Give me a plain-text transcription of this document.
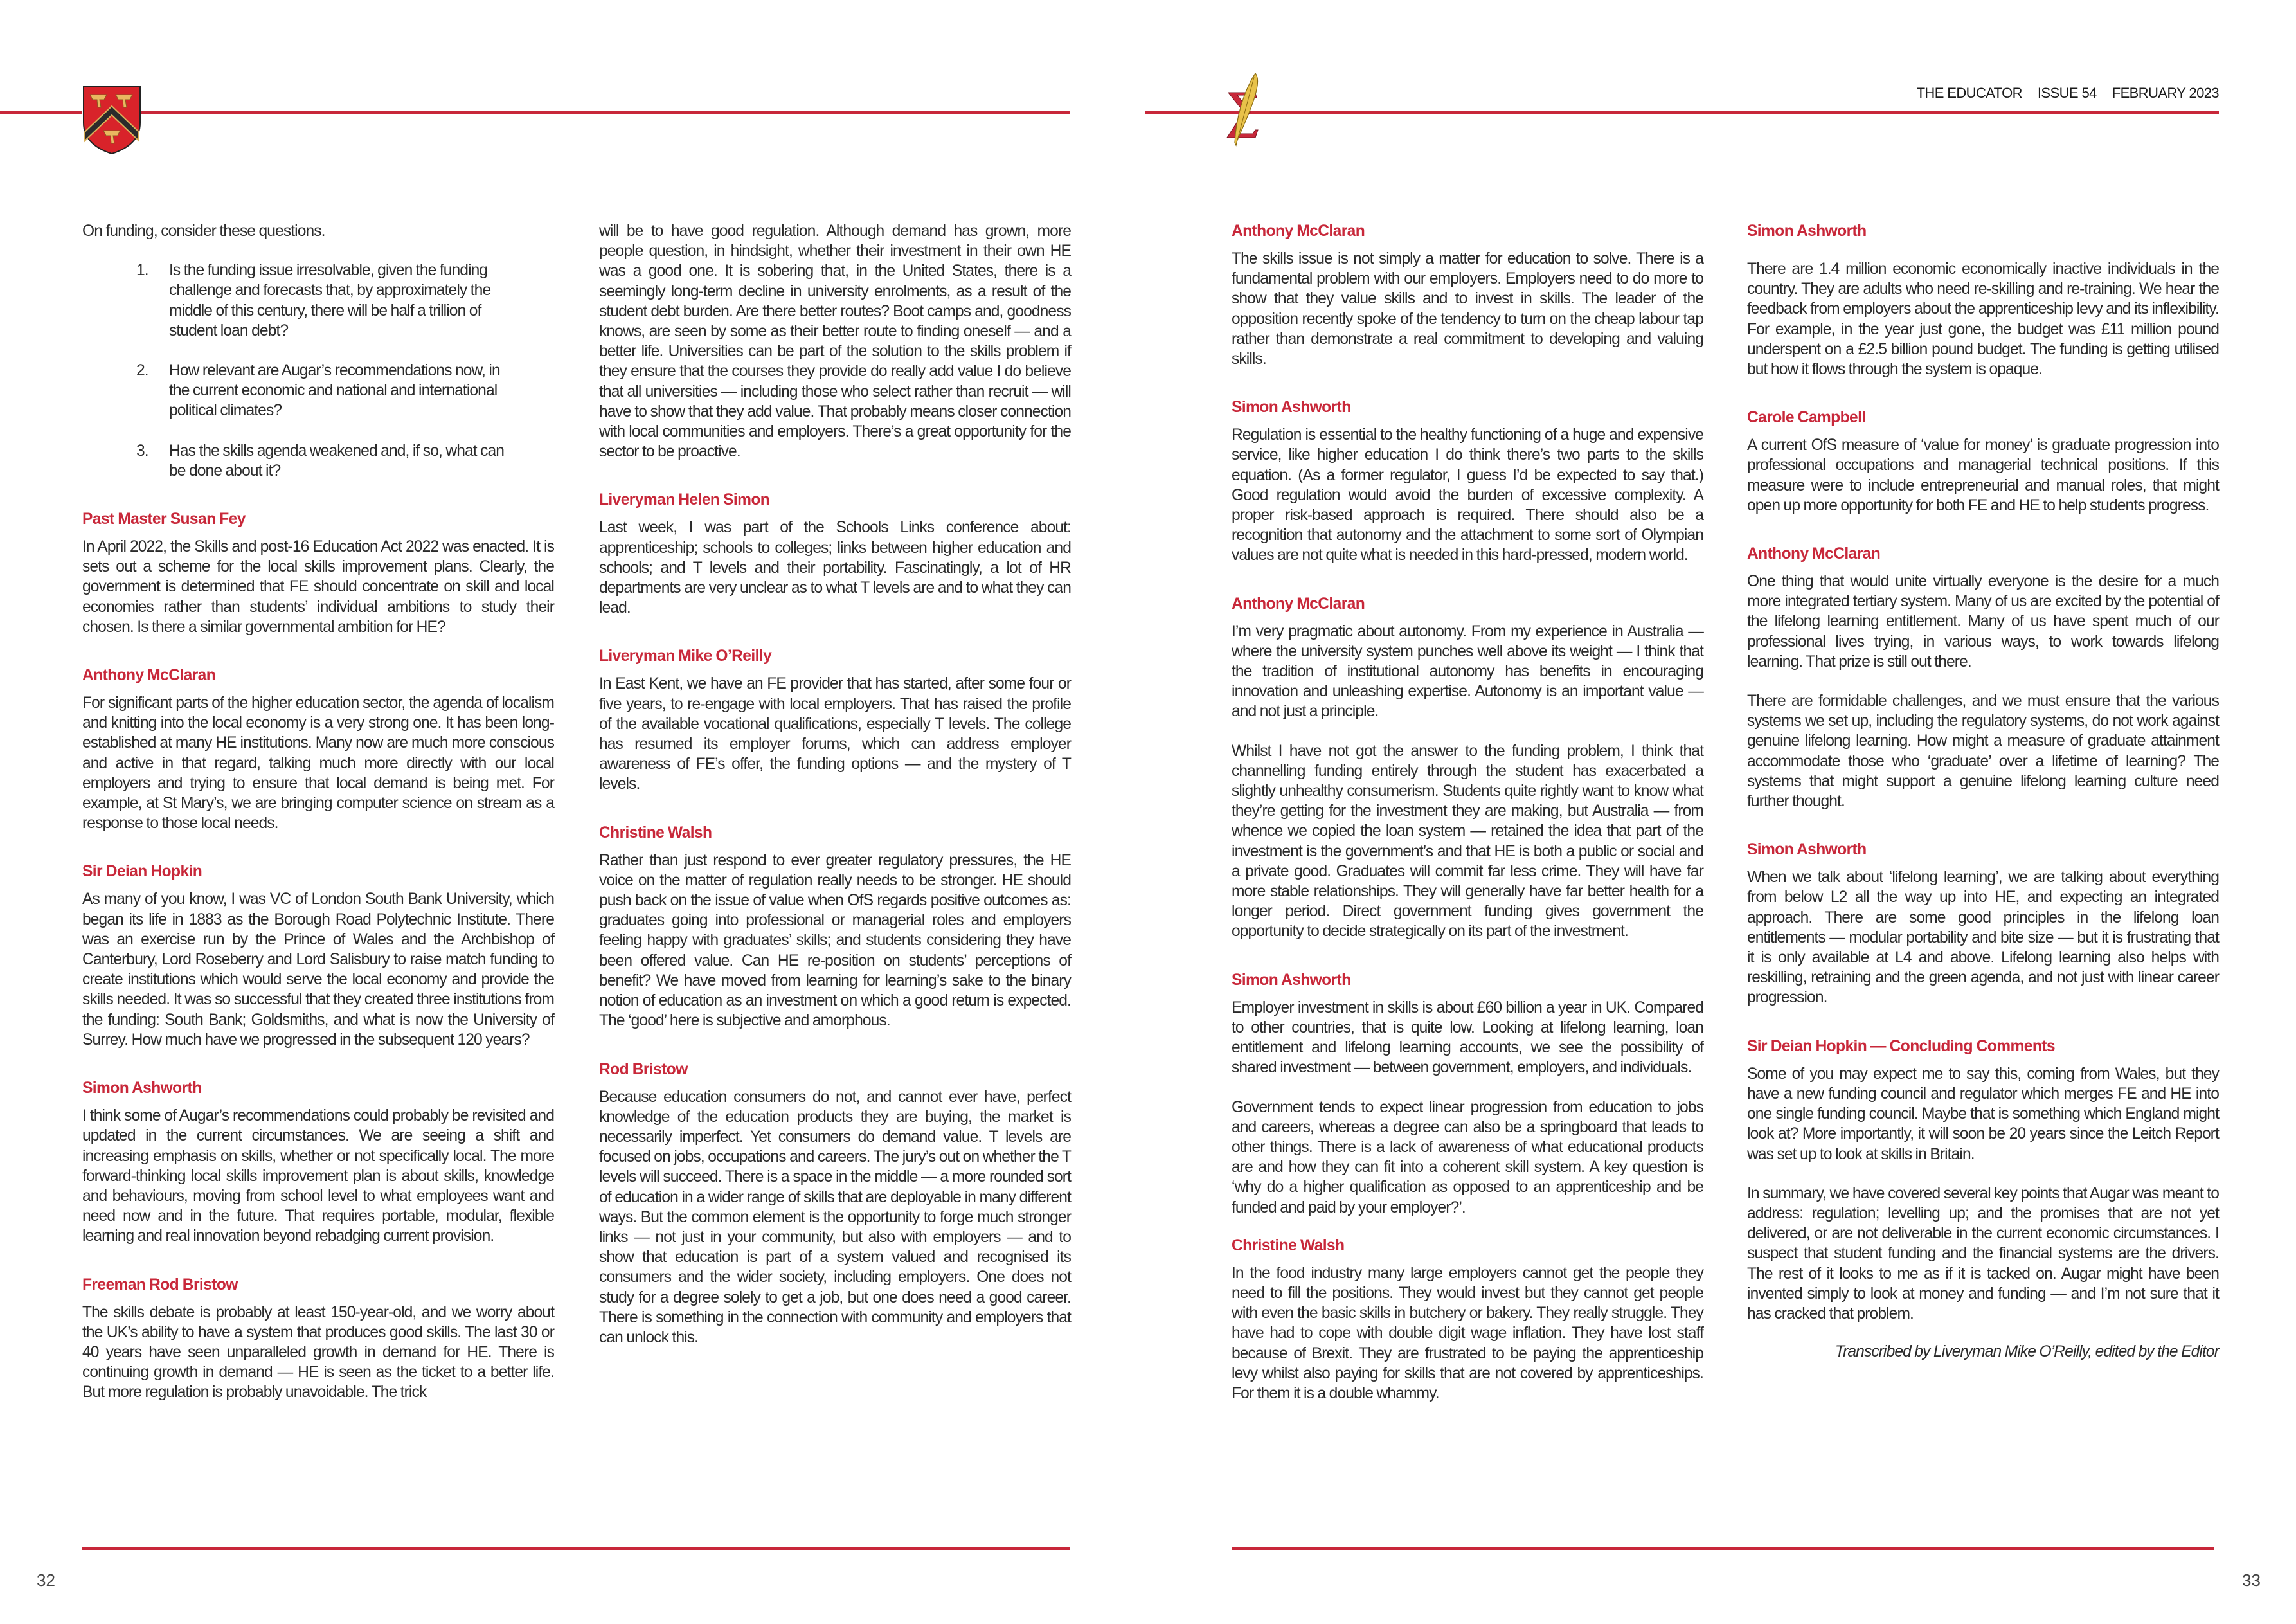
THE EDUCATOR ISSUE 54 FEBRUARY 2023

On funding, consider these questions.

1.	Is the funding issue irresolvable, given the funding challenge and forecasts that, by approximately the middle of this century, there will be half a trillion of student loan debt?
2.	How relevant are Augar’s recommendations now, in the current economic and national and international political climates?
3.	Has the skills agenda weakened and, if so, what can be done about it?
Past Master Susan Fey

In April 2022, the Skills and post-16 Education Act 2022 was enacted. It is sets out a scheme for the local skills improvement plans. Clearly, the government is determined that FE should concentrate on skill and local economies rather than students’ individual ambitions to study their chosen. Is there a similar governmental ambition for HE?

Anthony McClaran

For significant parts of the higher education sector, the agenda of localism and knitting into the local economy is a very strong one. It has been long-established at many HE institutions. Many now are much more conscious and active in that regard, talking much more directly with our local employers and trying to ensure that local demand is being met. For example, at St Mary’s, we are bringing computer science on stream as a response to those local needs.

Sir Deian Hopkin

As many of you know, I was VC of London South Bank University, which began its life in 1883 as the Borough Road Polytechnic Institute. There was an exercise run by the Prince of Wales and the Archbishop of Canterbury, Lord Roseberry and Lord Salisbury to raise match funding to create institutions which would serve the local economy and provide the skills needed. It was so successful that they created three institutions from the funding: South Bank; Goldsmiths, and what is now the University of Surrey. How much have we progressed in the subsequent 120 years?

Simon Ashworth

I think some of Augar’s recommendations could probably be revisited and updated in the current circumstances. We are seeing a shift and increasing emphasis on skills, whether or not specifically local. The more forward-thinking local skills improvement plan is about skills, knowledge and behaviours, moving from school level to what employees want and need now and in the future. That requires portable, modular, flexible learning and real innovation beyond rebadging current provision.

Freeman Rod Bristow

The skills debate is probably at least 150-year-old, and we worry about the UK’s ability to have a system that produces good skills. The last 30 or 40 years have seen unparalleled growth in demand for HE. There is continuing growth in demand — HE is seen as the ticket to a better life. But more regulation is probably unavoidable. The trick

will be to have good regulation. Although demand has grown, more people question, in hindsight, whether their investment in their own HE was a good one. It is sobering that, in the United States, there is a seemingly long-term decline in university enrolments, as a result of the student debt burden. Are there better routes? Boot camps and, goodness knows, are seen by some as their better route to finding oneself — and a better life. Universities can be part of the solution to the skills problem if they ensure that the courses they provide do really add value I do believe that all universities — including those who select rather than recruit — will have to show that they add value. That probably means closer connection with local communities and employers. There’s a great opportunity for the sector to be proactive.

Liveryman Helen Simon

Last week, I was part of the Schools Links conference about: apprenticeship; schools to colleges; links between higher education and schools; and T levels and their portability. Fascinatingly, a lot of HR departments are very unclear as to what T levels are and to what they can lead.

Liveryman Mike O’Reilly

In East Kent, we have an FE provider that has started, after some four or five years, to re-engage with local employers. That has raised the profile of the available vocational qualifications, especially T levels. The college has resumed its employer forums, which can address employer awareness of FE’s offer, the funding options — and the mystery of T levels.

Christine Walsh

Rather than just respond to ever greater regulatory pressures, the HE voice on the matter of regulation really needs to be stronger. HE should push back on the issue of value when OfS regards positive outcomes as: graduates going into professional or managerial roles and employers feeling happy with graduates’ skills; and students considering they have been offered value. Can HE re-position on students’ perceptions of benefit? We have moved from learning for learning’s sake to the binary notion of education as an investment on which a good return is expected. The ‘good’ here is subjective and amorphous.

Rod Bristow

Because education consumers do not, and cannot ever have, perfect knowledge of the education products they are buying, the market is necessarily imperfect. Yet consumers do demand value. T levels are focused on jobs, occupations and careers. The jury’s out on whether the T levels will succeed. There is a space in the middle — a more rounded sort of education in a wider range of skills that are deployable in many different ways. But the common element is the opportunity to forge much stronger links — not just in your community, but also with employers — and to show that education is part of a system valued and recognised its consumers and the wider society, including employers. One does not study for a degree solely to get a job, but one does need a good career. There is something in the connection with community and employers that can unlock this.

Anthony McClaran

The skills issue is not simply a matter for education to solve. There is a fundamental problem with our employers. Employers need to do more to show that they value skills and to invest in skills. The leader of the opposition recently spoke of the tendency to turn on the cheap labour tap rather than demonstrate a real commitment to developing and valuing skills.

Simon Ashworth

Regulation is essential to the healthy functioning of a huge and expensive service, like higher education I do think there’s two parts to the skills equation. (As a former regulator, I guess I’d be expected to say that.) Good regulation would avoid the burden of excessive complexity. A proper risk-based approach is required. There should also be a recognition that autonomy and the attachment to some sort of Olympian values are not quite what is needed in this hard-pressed, modern world.

Anthony McClaran

I’m very pragmatic about autonomy. From my experience in Australia — where the university system punches well above its weight — I think that the tradition of institutional autonomy has benefits in encouraging innovation and unleashing expertise. Autonomy is an important value — and not just a principle.

Whilst I have not got the answer to the funding problem, I think that channelling funding entirely through the student has exacerbated a slightly unhealthy consumerism. Students quite rightly want to know what they’re getting for the investment they are making, but Australia — from whence we copied the loan system — retained the idea that part of the investment is the government’s and that HE is both a public or social and a private good. Graduates will commit far less crime. They will have far more stable relationships. They will generally have far better health for a longer period. Direct government funding gives government the opportunity to decide strategically on its part of the investment.

Simon Ashworth

Employer investment in skills is about £60 billion a year in UK. Compared to other countries, that is quite low. Looking at lifelong learning, loan entitlement and lifelong learning accounts, we see the possibility of shared investment — between government, employers, and individuals.

Government tends to expect linear progression from education to jobs and careers, whereas a degree can also be a springboard that leads to other things. There is a lack of awareness of what educational products are and how they can fit into a coherent skill system. A key question is ‘why do a higher qualification as opposed to an apprenticeship and be funded and paid by your employer?’.

Christine Walsh

In the food industry many large employers cannot get the people they need to fill the positions. They would invest but they cannot get people with even the basic skills in butchery or bakery. They really struggle. They have had to cope with double digit wage inflation. They have lost staff because of Brexit. They are frustrated to be paying the apprenticeship levy whilst also paying for skills that are not covered by apprenticeships. For them it is a double whammy.

Simon Ashworth

There are 1.4 million economic economically inactive individuals in the country. They are adults who need re-skilling and re-training. We hear the feedback from employers about the apprenticeship levy and its inflexibility. For example, in the year just gone, the budget was £11 million pound underspent on a £2.5 billion pound budget. The funding is getting utilised but how it flows through the system is opaque.

Carole Campbell

A current OfS measure of ‘value for money’ is graduate progression into professional occupations and managerial technical positions. If this measure were to include entrepreneurial and manual roles, that might open up more opportunity for both FE and HE to help students progress.

Anthony McClaran

One thing that would unite virtually everyone is the desire for a much more integrated tertiary system. Many of us are excited by the potential of the lifelong learning entitlement. Many of us have spent much of our professional lives trying, in various ways, to work towards lifelong learning. That prize is still out there.

There are formidable challenges, and we must ensure that the various systems we set up, including the regulatory systems, do not work against genuine lifelong learning. How might a measure of graduate attainment accommodate those who ‘graduate’ over a lifetime of learning? The systems that might support a genuine lifelong learning culture need further thought.

Simon Ashworth

When we talk about ‘lifelong learning’, we are talking about everything from below L2 all the way up into HE, and expecting an integrated approach. There are some good principles in the lifelong loan entitlements — modular portability and bite size — but it is frustrating that it is only available at L4 and above. Lifelong learning also helps with reskilling, retraining and the green agenda, and not just with linear career progression.

Sir Deian Hopkin — Concluding Comments

Some of you may expect me to say this, coming from Wales, but they have a new funding council and regulator which merges FE and HE into one single funding council. Maybe that is something which England might look at? More importantly, it will soon be 20 years since the Leitch Report was set up to look at skills in Britain.

In summary, we have covered several key points that Augar was meant to address: regulation; levelling up; and the promises that are not yet delivered, or are not deliverable in the current economic circumstances. I suspect that student funding and the financial systems are the drivers. The rest of it looks to me as if it is tacked on. Augar might have been invented simply to look at money and funding — and I’m not sure that it has cracked that problem.

Transcribed by Liveryman Mike O’Reilly, edited by the Editor

32	33
